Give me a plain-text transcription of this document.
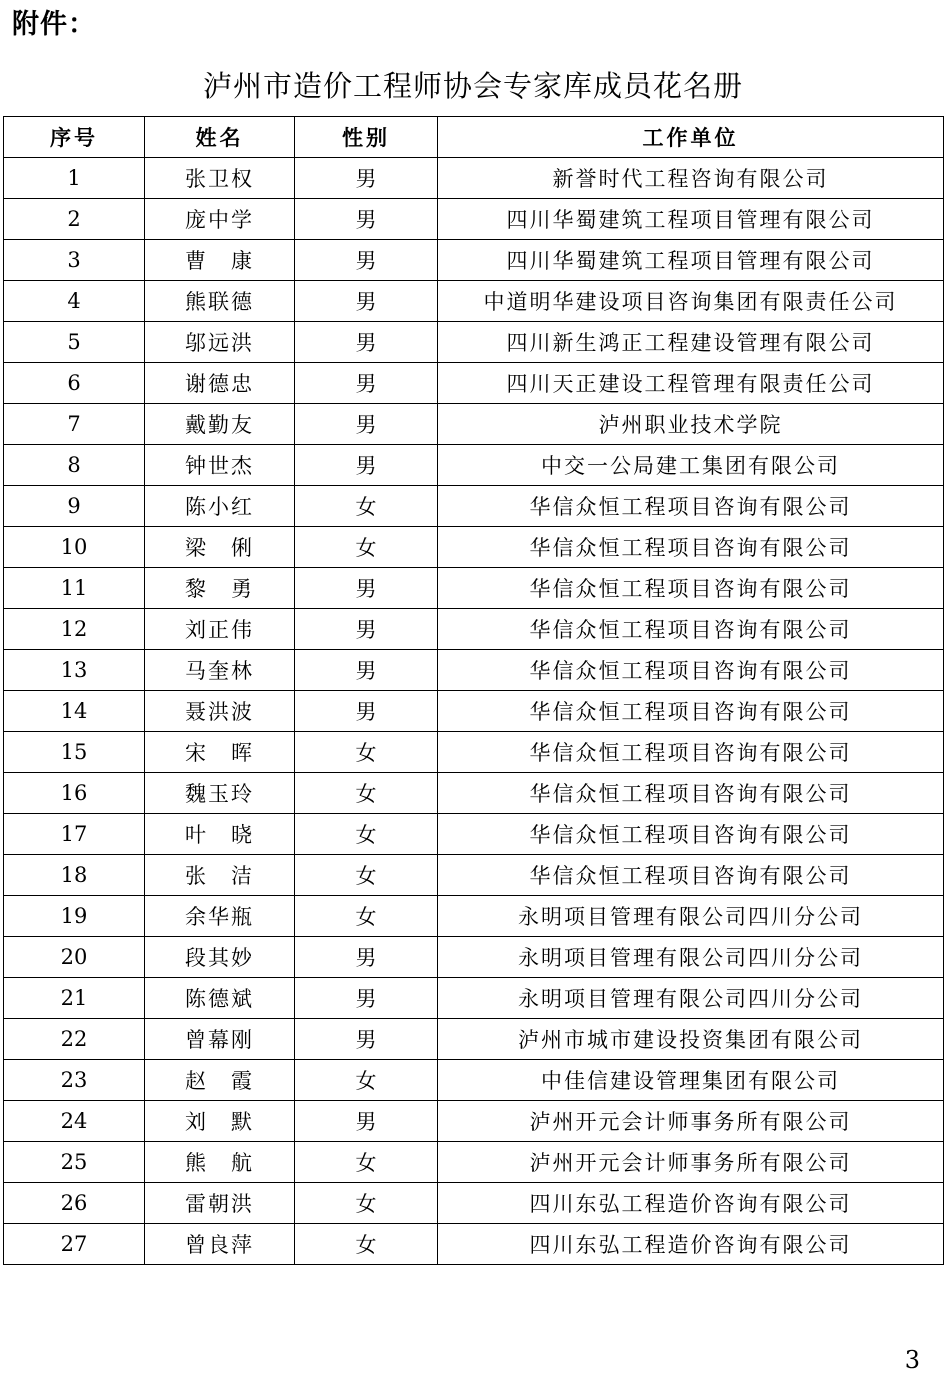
附件：
泸州市造价工程师协会专家库成员花名册
序号	姓名	性别	工作单位
1	张卫权	男	新誉时代工程咨询有限公司
2	庞中学	男	四川华蜀建筑工程项目管理有限公司
3	曹　康	男	四川华蜀建筑工程项目管理有限公司
4	熊联德	男	中道明华建设项目咨询集团有限责任公司
5	邬远洪	男	四川新生鸿正工程建设管理有限公司
6	谢德忠	男	四川天正建设工程管理有限责任公司
7	戴勤友	男	泸州职业技术学院
8	钟世杰	男	中交一公局建工集团有限公司
9	陈小红	女	华信众恒工程项目咨询有限公司
10	梁　俐	女	华信众恒工程项目咨询有限公司
11	黎　勇	男	华信众恒工程项目咨询有限公司
12	刘正伟	男	华信众恒工程项目咨询有限公司
13	马奎林	男	华信众恒工程项目咨询有限公司
14	聂洪波	男	华信众恒工程项目咨询有限公司
15	宋　晖	女	华信众恒工程项目咨询有限公司
16	魏玉玲	女	华信众恒工程项目咨询有限公司
17	叶　晓	女	华信众恒工程项目咨询有限公司
18	张　洁	女	华信众恒工程项目咨询有限公司
19	余华瓶	女	永明项目管理有限公司四川分公司
20	段其妙	男	永明项目管理有限公司四川分公司
21	陈德斌	男	永明项目管理有限公司四川分公司
22	曾幕刚	男	泸州市城市建设投资集团有限公司
23	赵　霞	女	中佳信建设管理集团有限公司
24	刘　默	男	泸州开元会计师事务所有限公司
25	熊　航	女	泸州开元会计师事务所有限公司
26	雷朝洪	女	四川东弘工程造价咨询有限公司
27	曾良萍	女	四川东弘工程造价咨询有限公司
3
